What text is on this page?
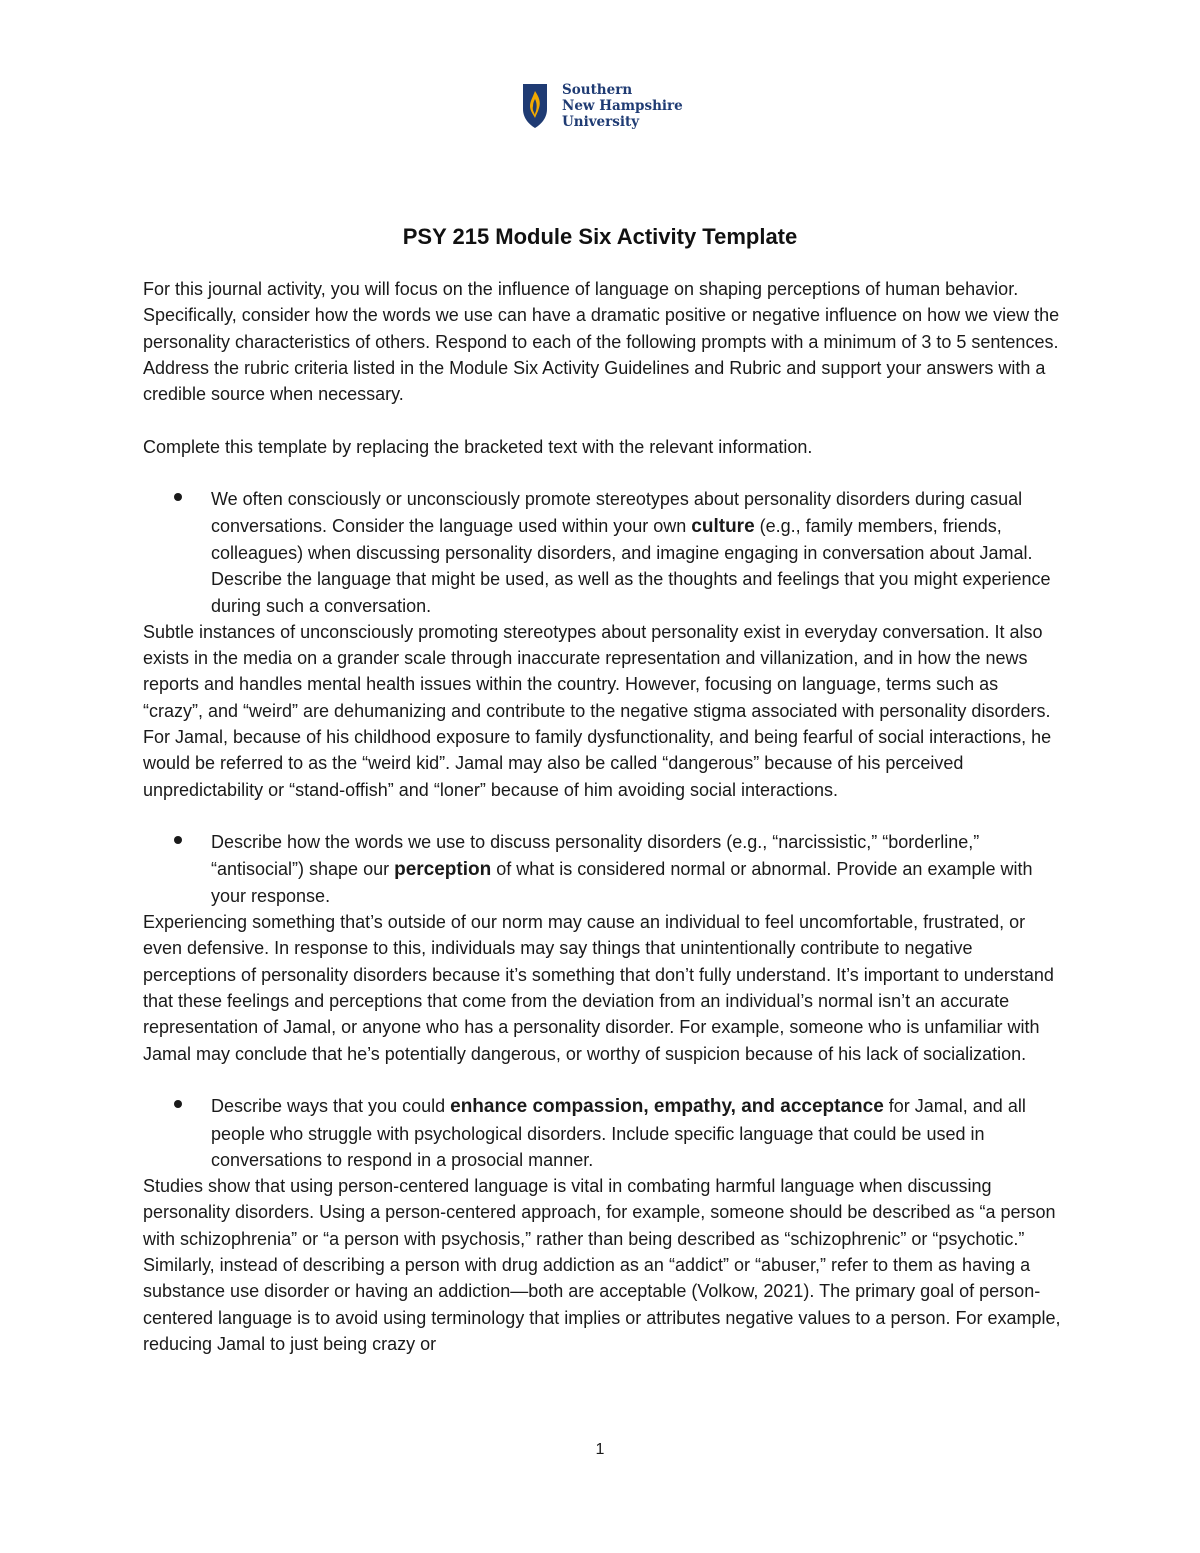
Southern
New Hampshire
University
PSY 215 Module Six Activity Template

For this journal activity, you will focus on the influence of language on shaping perceptions of human behavior. Specifically, consider how the words we use can have a dramatic positive or negative influence on how we view the personality characteristics of others. Respond to each of the following prompts with a minimum of 3 to 5 sentences. Address the rubric criteria listed in the Module Six Activity Guidelines and Rubric and support your answers with a credible source when necessary.

Complete this template by replacing the bracketed text with the relevant information.

We often consciously or unconsciously promote stereotypes about personality disorders during casual conversations. Consider the language used within your own culture (e.g., family members, friends, colleagues) when discussing personality disorders, and imagine engaging in conversation about Jamal. Describe the language that might be used, as well as the thoughts and feelings that you might experience during such a conversation.

Subtle instances of unconsciously promoting stereotypes about personality exist in everyday conversation. It also exists in the media on a grander scale through inaccurate representation and villanization, and in how the news reports and handles mental health issues within the country. However, focusing on language, terms such as “crazy”, and “weird” are dehumanizing and contribute to the negative stigma associated with personality disorders. For Jamal, because of his childhood exposure to family dysfunctionality, and being fearful of social interactions, he would be referred to as the “weird kid”. Jamal may also be called “dangerous” because of his perceived unpredictability or “stand-offish” and “loner” because of him avoiding social interactions.

Describe how the words we use to discuss personality disorders (e.g., “narcissistic,” “borderline,” “antisocial”) shape our perception of what is considered normal or abnormal. Provide an example with your response.

Experiencing something that’s outside of our norm may cause an individual to feel uncomfortable, frustrated, or even defensive. In response to this, individuals may say things that unintentionally contribute to negative perceptions of personality disorders because it’s something that don’t fully understand. It’s important to understand that these feelings and perceptions that come from the deviation from an individual’s normal isn’t an accurate representation of Jamal, or anyone who has a personality disorder. For example, someone who is unfamiliar with Jamal may conclude that he’s potentially dangerous, or worthy of suspicion because of his lack of socialization.

Describe ways that you could enhance compassion, empathy, and acceptance for Jamal, and all people who struggle with psychological disorders. Include specific language that could be used in conversations to respond in a prosocial manner.

Studies show that using person-centered language is vital in combating harmful language when discussing personality disorders. Using a person-centered approach, for example, someone should be described as “a person with schizophrenia” or “a person with psychosis,” rather than being described as “schizophrenic” or “psychotic.” Similarly, instead of describing a person with drug addiction as an “addict” or “abuser,” refer to them as having a substance use disorder or having an addiction—both are acceptable (Volkow, 2021). The primary goal of person-centered language is to avoid using terminology that implies or attributes negative values to a person. For example, reducing Jamal to just being crazy or

1
